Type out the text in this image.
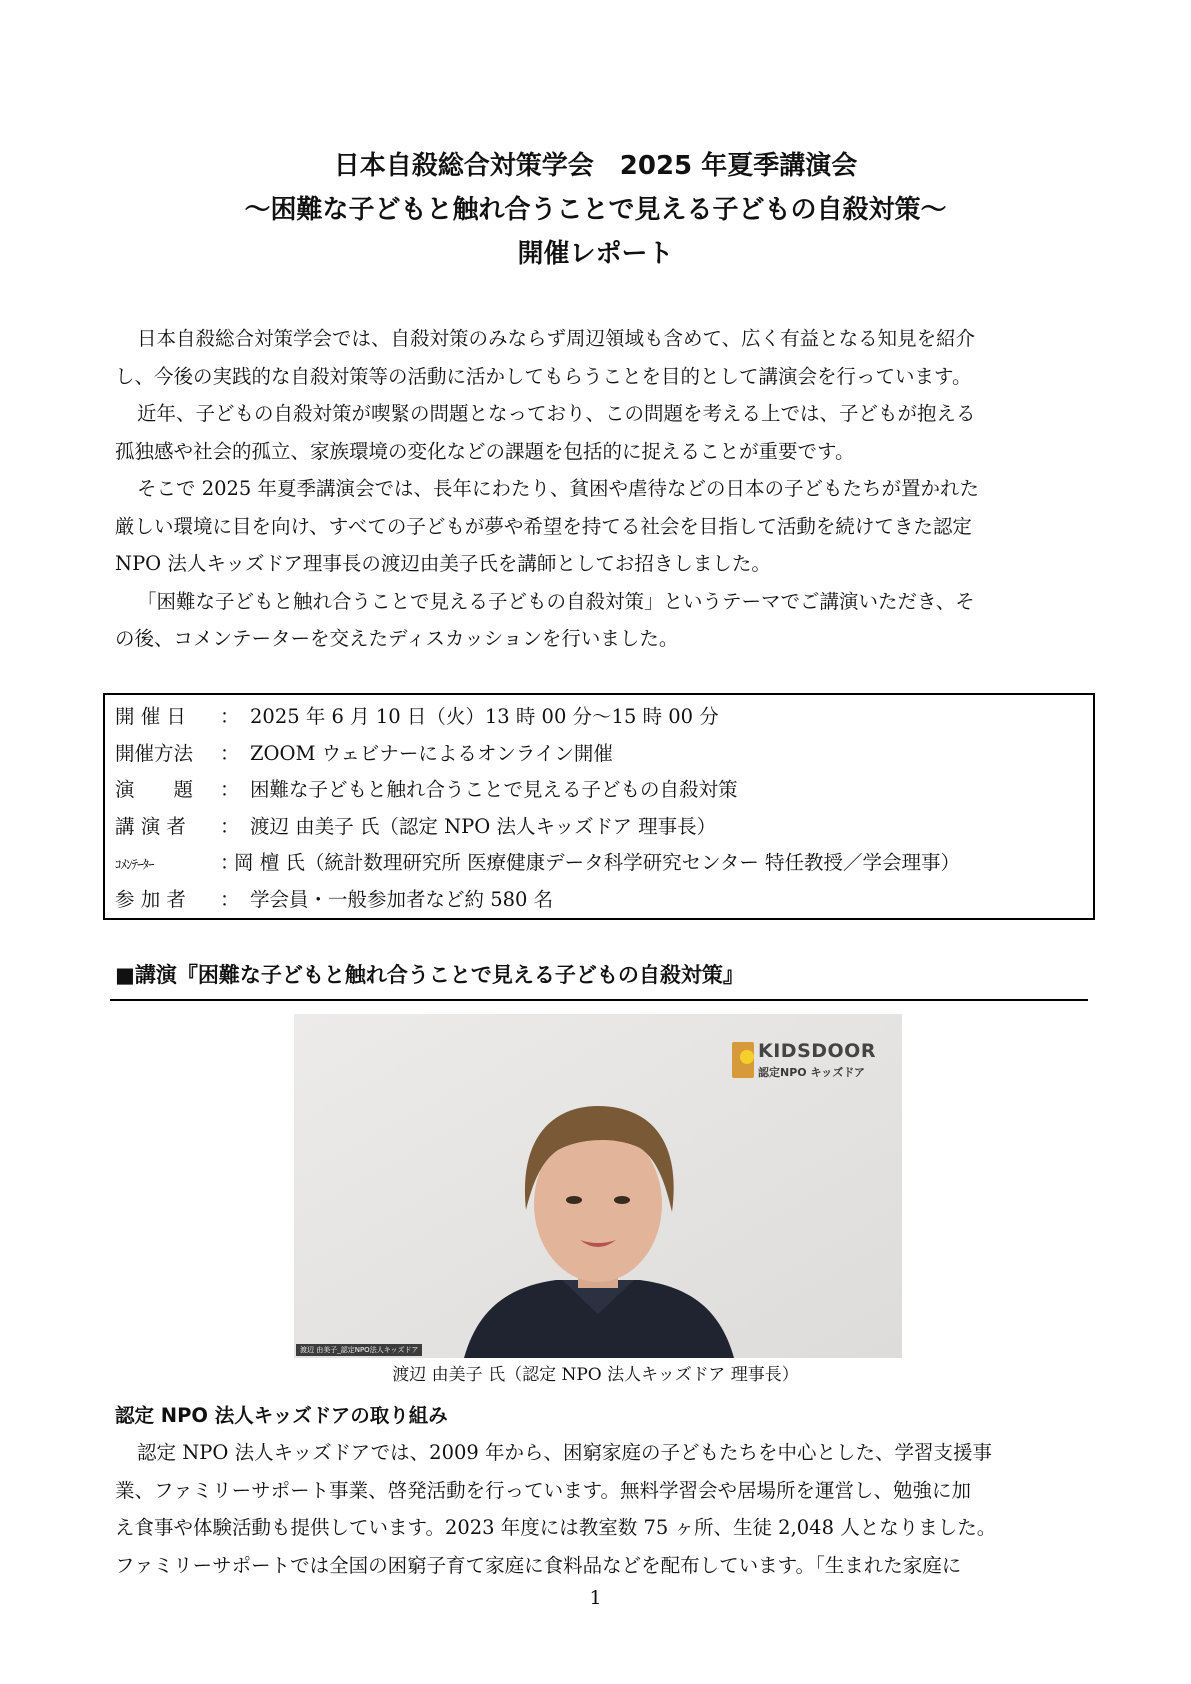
日本自殺総合対策学会　2025 年夏季講演会
～困難な子どもと触れ合うことで見える子どもの自殺対策～
開催レポート
日本自殺総合対策学会では、自殺対策のみならず周辺領域も含めて、広く有益となる知見を紹介
し、今後の実践的な自殺対策等の活動に活かしてもらうことを目的として講演会を行っています。
近年、子どもの自殺対策が喫緊の問題となっており、この問題を考える上では、子どもが抱える
孤独感や社会的孤立、家族環境の変化などの課題を包括的に捉えることが重要です。
そこで 2025 年夏季講演会では、長年にわたり、貧困や虐待などの日本の子どもたちが置かれた
厳しい環境に目を向け、すべての子どもが夢や希望を持てる社会を目指して活動を続けてきた認定
NPO 法人キッズドア理事長の渡辺由美子氏を講師としてお招きしました。
「困難な子どもと触れ合うことで見える子どもの自殺対策」というテーマでご講演いただき、そ
の後、コメンテーターを交えたディスカッションを行いました。
開 催 日 ： 2025 年 6 月 10 日（火）13 時 00 分～15 時 00 分
開催方法 ： ZOOM ウェビナーによるオンライン開催
演　　題 ： 困難な子どもと触れ合うことで見える子どもの自殺対策
講 演 者 ： 渡辺 由美子 氏（認定 NPO 法人キッズドア 理事長）
ｺﾒﾝﾃｰﾀｰ	：岡 檀 氏（統計数理研究所 医療健康データ科学研究センター 特任教授／学会理事）
参 加 者 ： 学会員・一般参加者など約 580 名
■講演『困難な子どもと触れ合うことで見える子どもの自殺対策』
KIDSDOOR
認定NPO キッズドア
渡辺 由美子_認定NPO法人キッズドア
渡辺 由美子 氏（認定 NPO 法人キッズドア 理事長）
認定 NPO 法人キッズドアの取り組み
認定 NPO 法人キッズドアでは、2009 年から、困窮家庭の子どもたちを中心とした、学習支援事
業、ファミリーサポート事業、啓発活動を行っています。無料学習会や居場所を運営し、勉強に加
え食事や体験活動も提供しています。2023 年度には教室数 75 ヶ所、生徒 2,048 人となりました。
ファミリーサポートでは全国の困窮子育て家庭に食料品などを配布しています。「生まれた家庭に
1
